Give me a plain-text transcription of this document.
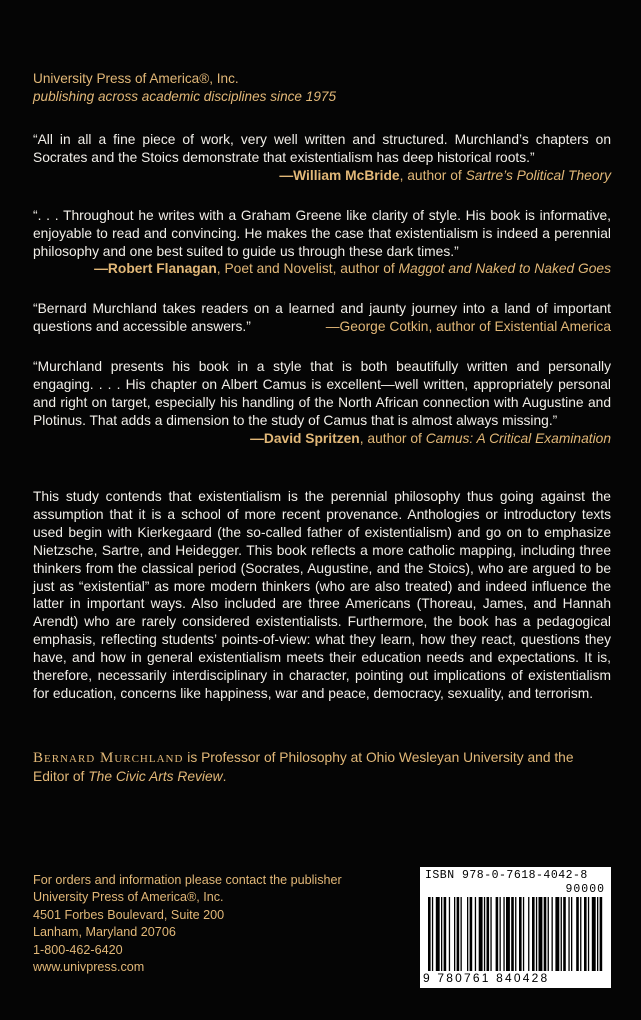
University Press of America®, Inc.
publishing across academic disciplines since 1975
“All in all a fine piece of work, very well written and structured. Murchland’s chapters on Socrates and the Stoics demonstrate that existentialism has deep historical roots.”
—William McBride, author of Sartre’s Political Theory
“. . . Throughout he writes with a Graham Greene like clarity of style. His book is informative, enjoyable to read and convincing. He makes the case that existentialism is indeed a perennial philosophy and one best suited to guide us through these dark times.”
—Robert Flanagan, Poet and Novelist, author of Maggot and Naked to Naked Goes
“Bernard Murchland takes readers on a learned and jaunty journey into a land of important questions and accessible answers.”	—George Cotkin, author of Existential America
“Murchland presents his book in a style that is both beautifully written and personally engaging. . . . His chapter on Albert Camus is excellent—well written, appropriately personal and right on target, especially his handling of the North African connection with Augustine and Plotinus. That adds a dimension to the study of Camus that is almost always missing.”
—David Spritzen, author of Camus: A Critical Examination
This study contends that existentialism is the perennial philosophy thus going against the assumption that it is a school of more recent provenance. Anthologies or introductory texts used begin with Kierkegaard (the so-called father of existentialism) and go on to emphasize Nietzsche, Sartre, and Heidegger. This book reflects a more catholic mapping, including three thinkers from the classical period (Socrates, Augustine, and the Stoics), who are argued to be just as “existential” as more modern thinkers (who are also treated) and indeed influence the latter in important ways. Also included are three Americans (Thoreau, James, and Hannah Arendt) who are rarely considered existentialists. Furthermore, the book has a pedagogical emphasis, reflecting students’ points-of-view: what they learn, how they react, questions they have, and how in general existentialism meets their education needs and expectations. It is, therefore, necessarily interdisciplinary in character, pointing out implications of existentialism for education, concerns like happiness, war and peace, democracy, sexuality, and terrorism.
Bernard Murchland is Professor of Philosophy at Ohio Wesleyan University and the Editor of The Civic Arts Review.
For orders and information please contact the publisher
University Press of America®, Inc.
4501 Forbes Boulevard, Suite 200
Lanham, Maryland 20706
1-800-462-6420
www.univpress.com
ISBN 978-0-7618-4042-8
90000
9 780761 840428
